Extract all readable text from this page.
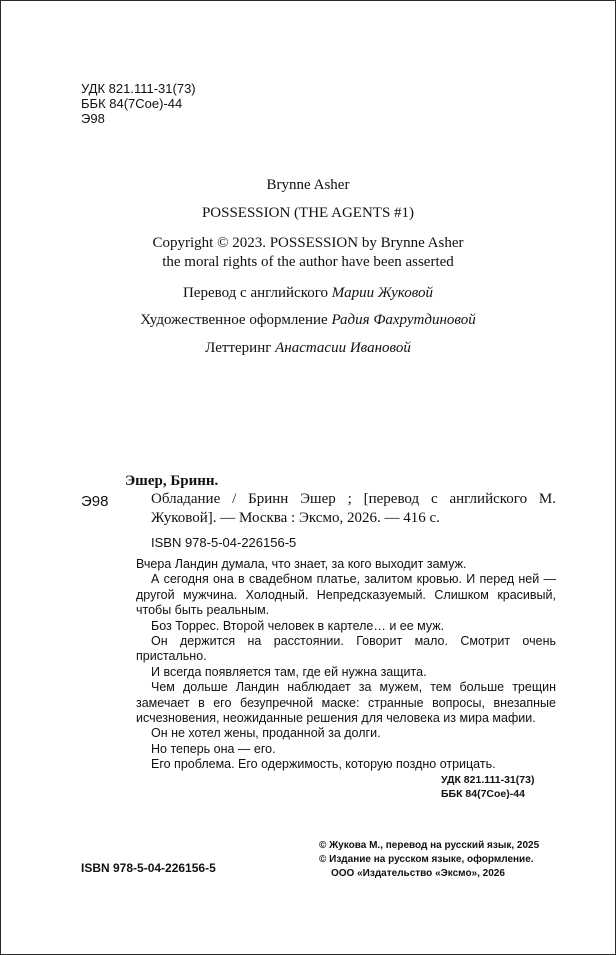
УДК 821.111-31(73)
ББК 84(7Сое)-44
Э98
Brynne Asher
POSSESSION (THE AGENTS #1)
Copyright © 2023. POSSESSION by Brynne Asher
the moral rights of the author have been asserted
Перевод с английского Марии Жуковой
Художественное оформление Радия Фахрутдиновой
Леттеринг Анастасии Ивановой
Эшер, Бринн.
Э98	Обладание / Бринн Эшер ; [перевод с английского М. Жуковой]. — Москва : Эксмо, 2026. — 416 с.
ISBN 978-5-04-226156-5

Вчера Ландин думала, что знает, за кого выходит замуж.

А сегодня она в свадебном платье, залитом кровью. И перед ней — другой мужчина. Холодный. Непредсказуемый. Слишком красивый, чтобы быть реальным.

Боз Торрес. Второй человек в картеле… и ее муж.

Он держится на расстоянии. Говорит мало. Смотрит очень пристально.

И всегда появляется там, где ей нужна защита.

Чем дольше Ландин наблюдает за мужем, тем больше трещин замечает в его безупречной маске: странные вопросы, внезапные исчезновения, неожиданные решения для человека из мира мафии.

Он не хотел жены, проданной за долги.

Но теперь она — его.

Его проблема. Его одержимость, которую поздно отрицать.

УДК 821.111-31(73)
ББК 84(7Сое)-44
© Жукова М., перевод на русский язык, 2025
© Издание на русском языке, оформление.
ООО «Издательство «Эксмо», 2026
ISBN 978-5-04-226156-5
